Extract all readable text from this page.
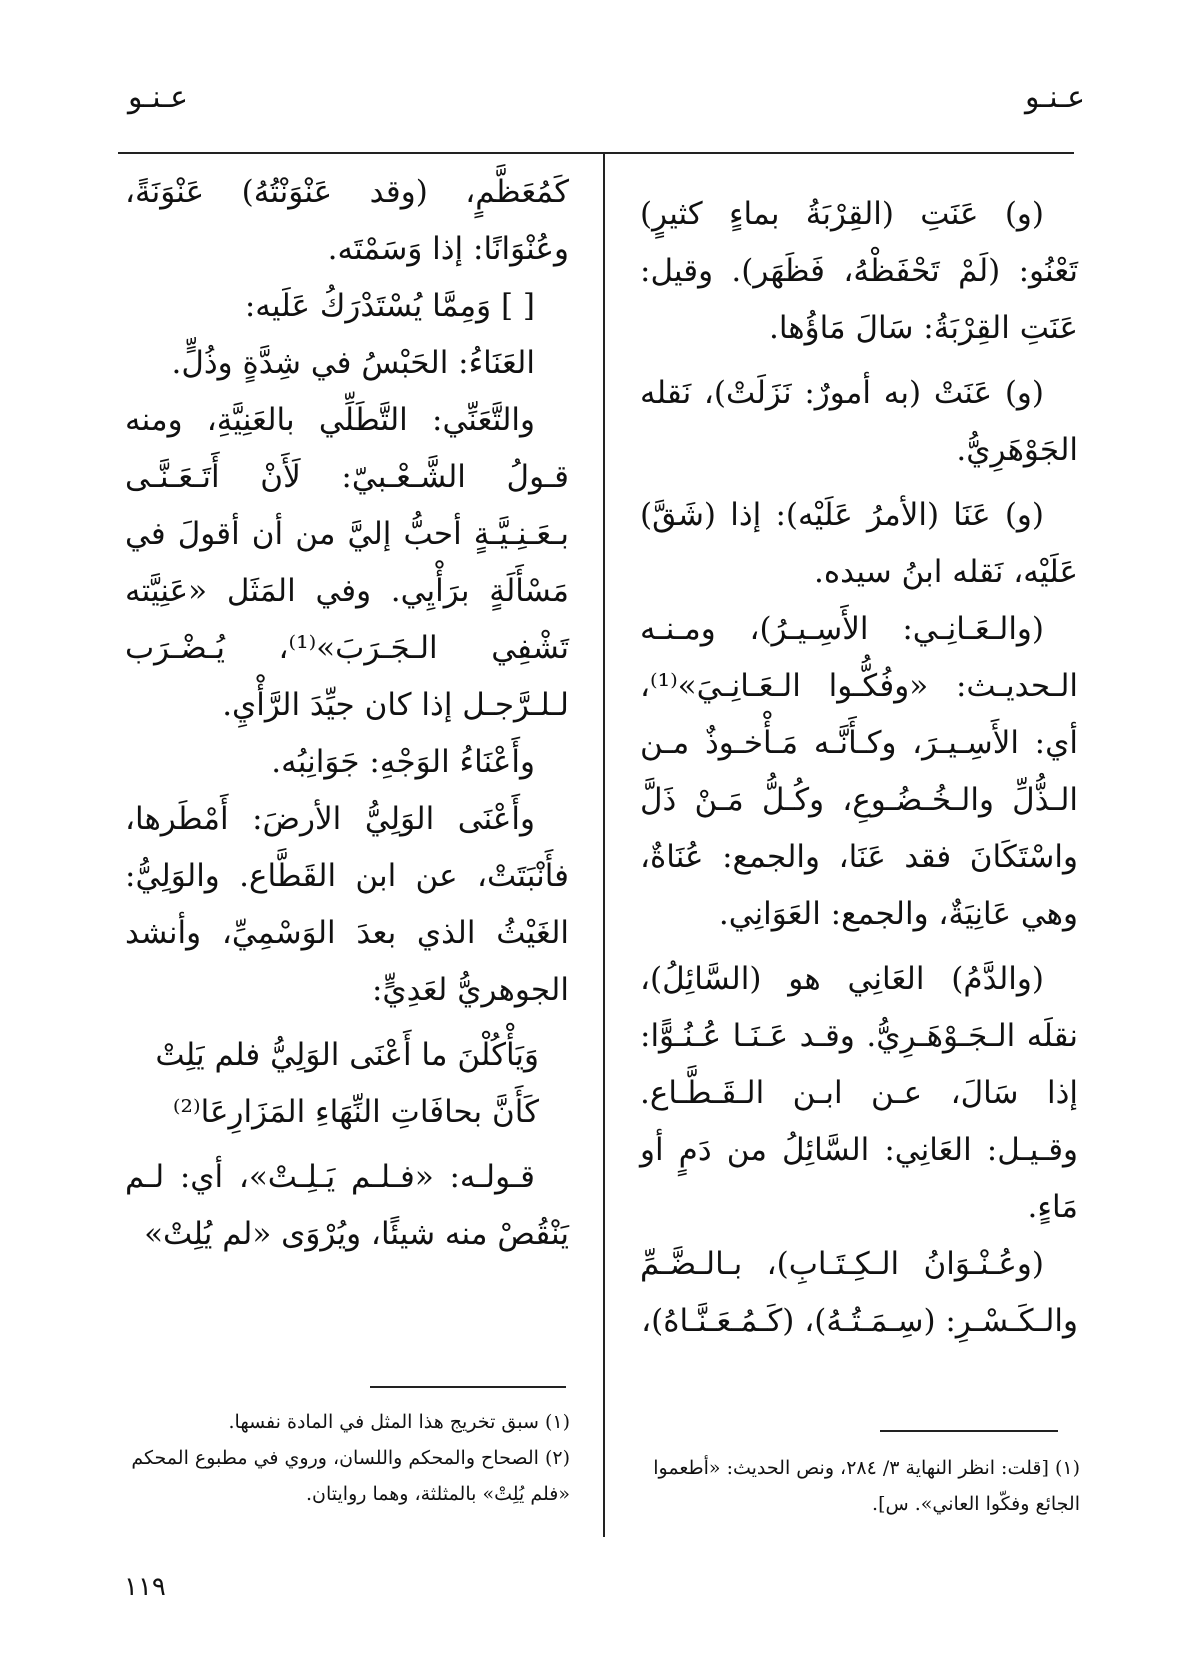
عـنـو
عـنـو

(و) عَنَتِ (القِرْبَةُ بماءٍ كثيرٍ) تَعْنُو: (لَمْ تَحْفَظْهُ، فَظَهَر). وقيل: عَنَتِ القِرْبَةُ: سَالَ مَاؤُها.

(و) عَنَتْ (به أمورٌ: نَزَلَتْ)، نَقله الجَوْهَرِيُّ.

(و) عَنَا (الأمرُ عَلَيْه): إذا (شَقَّ) عَلَيْه، نَقله ابنُ سيده.

(والـعَـانِـي: الأَسِـيـرُ)، ومـنـه الـحديـث: «وفُكُّـوا الـعَـانِـيَ»⁽¹⁾، أي: الأَسِـيـرَ، وكـأَنَّـه مَـأْخـوذٌ مـن الـذُّلِّ والـخُـضُـوعِ، وكُـلُّ مَـنْ ذَلَّ واسْتَكَانَ فقد عَنَا، والجمع: عُنَاةٌ، وهي عَانِيَةٌ، والجمع: العَوَانِي.

(والدَّمُ) العَانِي هو (السَّائِلُ)، نقلَه الـجَـوْهَـرِيُّ. وقـد عَـنَـا عُـنُـوًّا: إذا سَالَ، عـن ابـن الـقَـطَّـاع. وقـيـل: العَانِي: السَّائِلُ من دَمٍ أو مَاءٍ.

(وعُـنْـوَانُ الـكِـتَـابِ)، بـالـضَّـمِّ والـكَـسْـرِ: (سِـمَـتُـهُ)، (كَـمُـعَـنَّـاهُ)،

كَمُعَظَّمٍ، (وقد عَنْوَنْتُهُ) عَنْوَنَةً، وعُنْوَانًا: إذا وَسَمْتَه.

[ ] وَمِمَّا يُسْتَدْرَكُ عَلَيه:

العَنَاءُ: الحَبْسُ في شِدَّةٍ وذُلٍّ.

والتَّعَنِّي: التَّطَلِّي بالعَنِيَّةِ، ومنه قـولُ الشَّـعْـبيّ: لَأَنْ أَتَـعَـنَّـى بـعَـنِـيَّـةٍ أحبُّ إليَّ من أن أقولَ في مَسْأَلَةٍ برَأْيِي. وفي المَثَل «عَنِيَّته تَشْفِي الـجَـرَبَ»⁽¹⁾، يُـضْـرَب لـلـرَّجـل إذا كان جيِّدَ الرَّأْيِ.

وأَعْنَاءُ الوَجْهِ: جَوَانِبُه.

وأَعْنَى الوَلِيُّ الأرضَ: أَمْطَرها، فأَنْبَتَتْ، عن ابن القَطَّاع. والوَلِيُّ: الغَيْثُ الذي بعدَ الوَسْمِيِّ، وأنشد الجوهريُّ لعَدِيٍّ:

وَيَأْكُلْنَ ما أَعْنَى الوَلِيُّ فلم يَلِتْ

كَأَنَّ بحافَاتِ النِّهَاءِ المَزَارِعَا⁽²⁾

قـولـه: «فـلـم يَـلِـتْ»، أي: لـم يَنْقُصْ منه شيئًا، ويُرْوَى «لم يُلِتْ»

(١) [قلت: انظر النهاية ٣/ ٢٨٤، ونص الحديث: «أطعموا الجائع وفكّوا العاني». س].

(١) سبق تخريج هذا المثل في المادة نفسها.

(٢) الصحاح والمحكم واللسان، وروي في مطبوع المحكم «فلم يُلِتْ» بالمثلثة، وهما روايتان.

١١٩
